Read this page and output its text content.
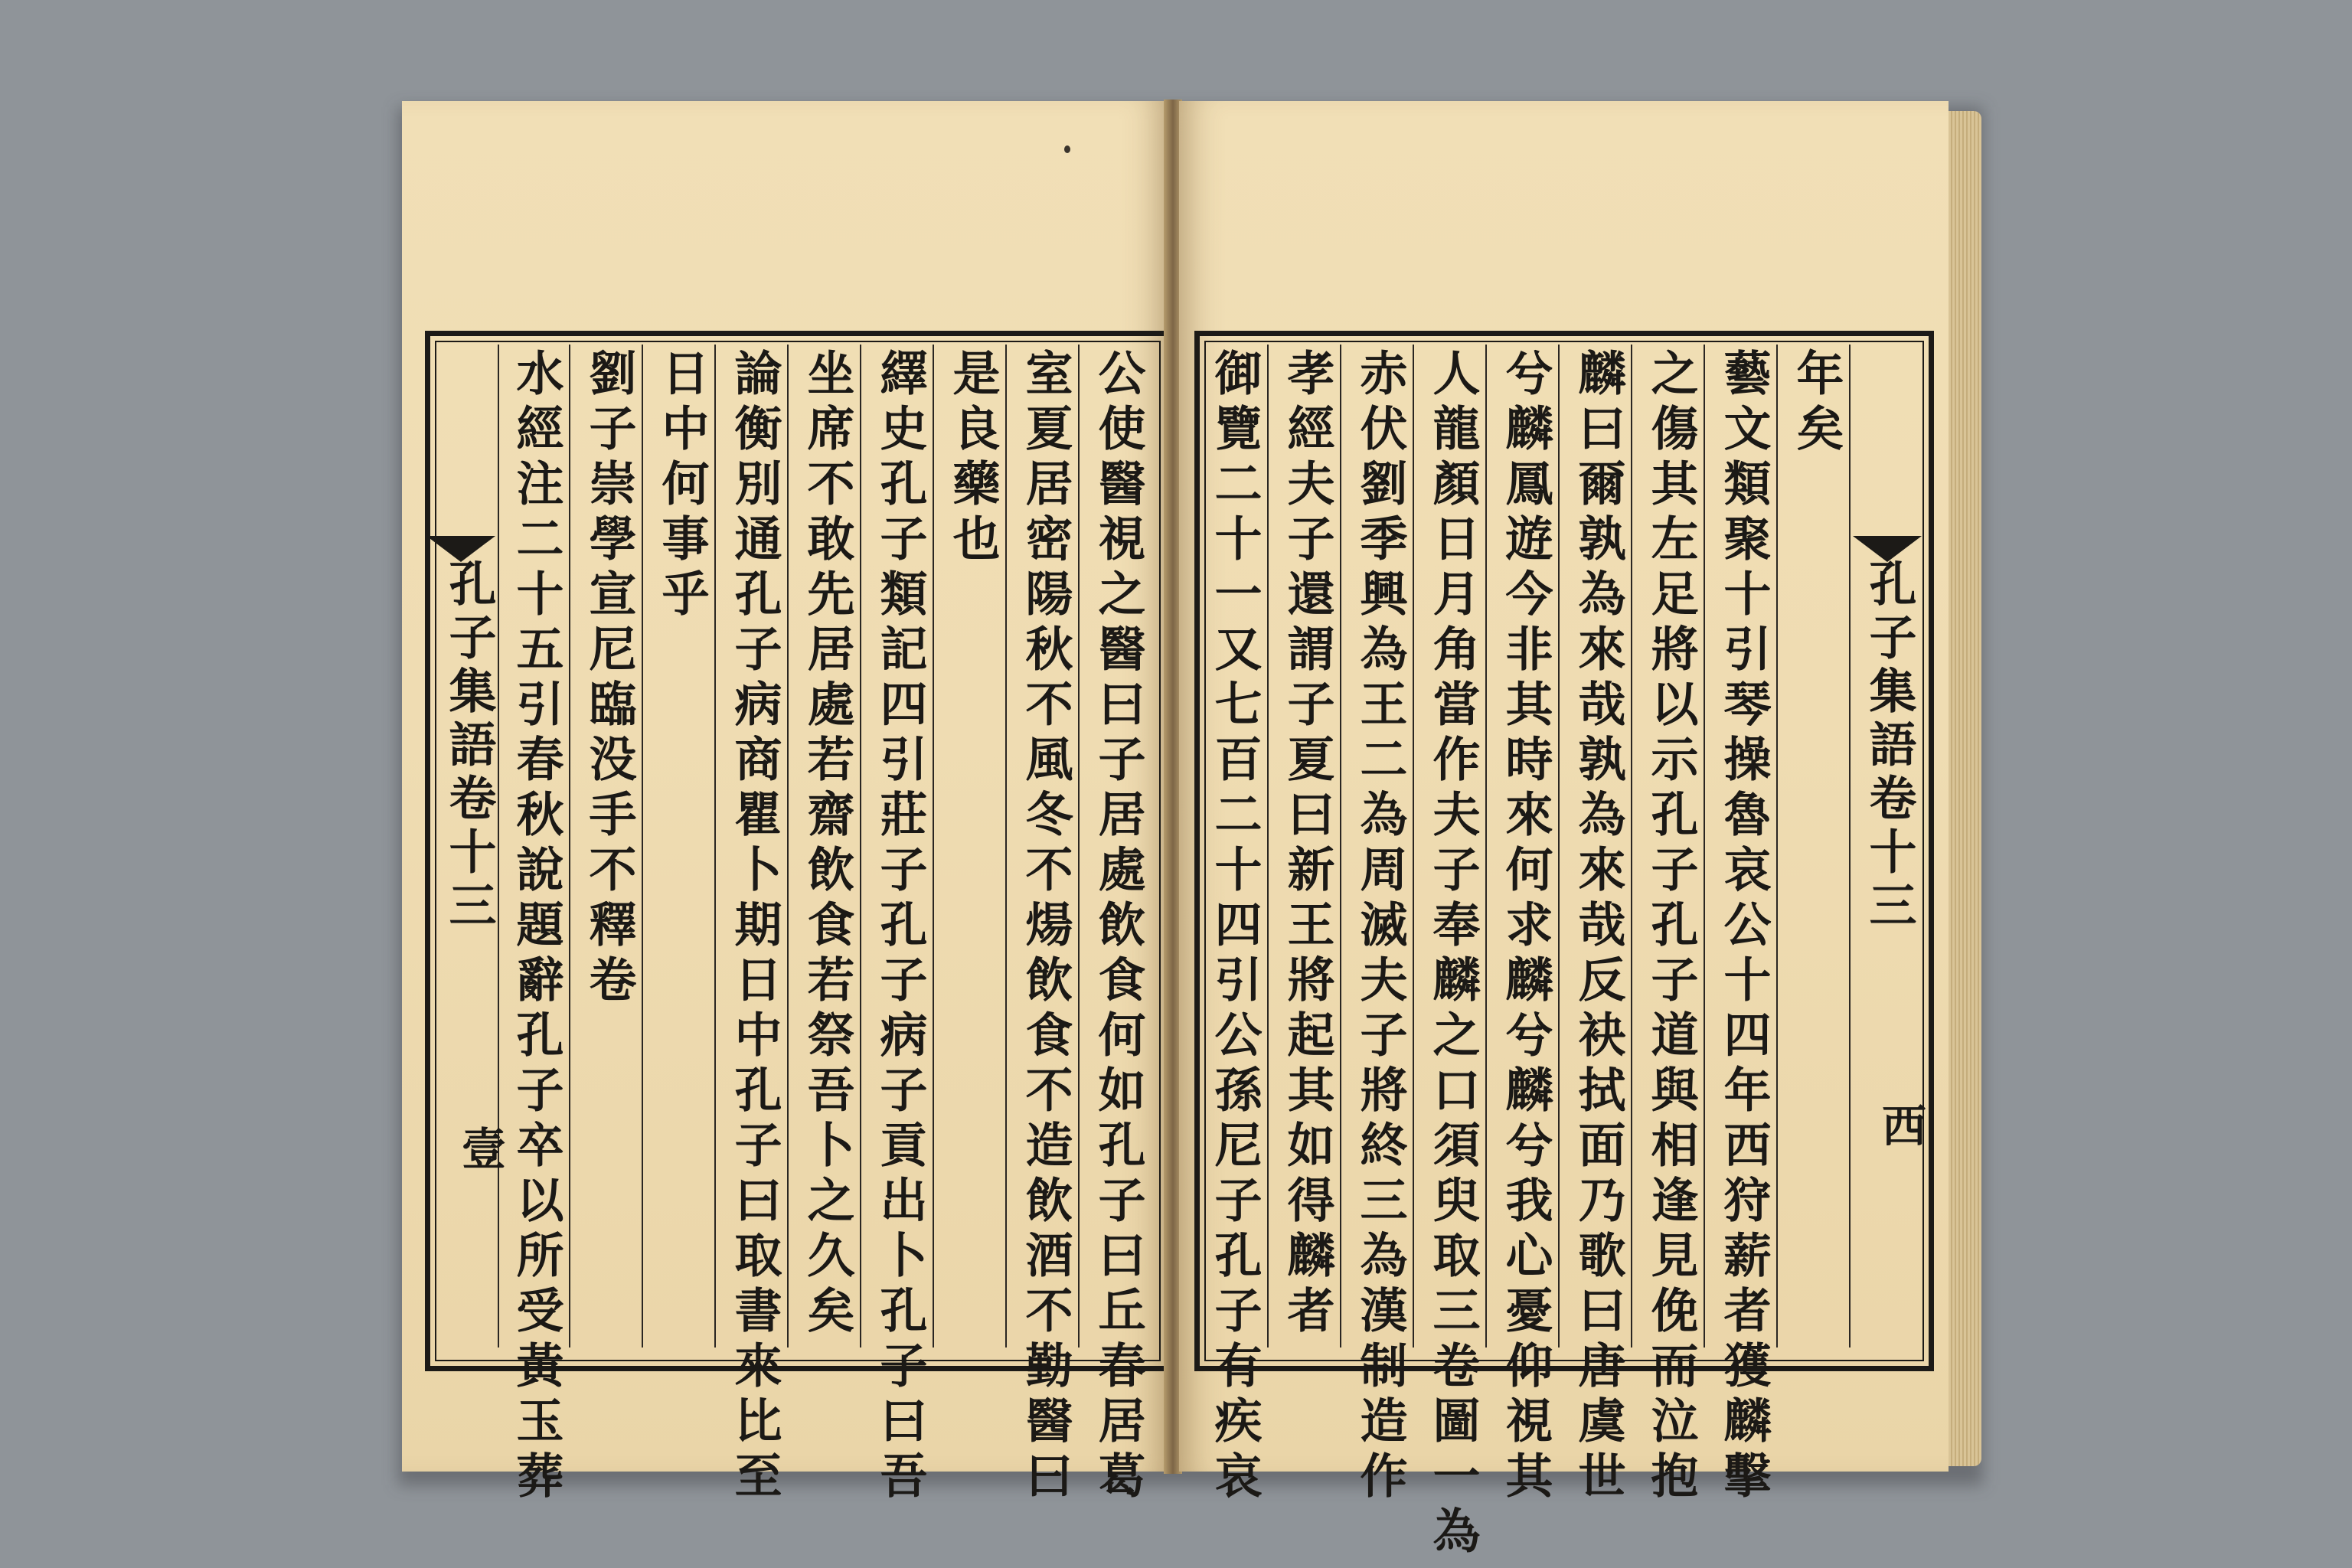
孔子集語卷十三
壹	公使醫視之醫曰子居處飲食何如孔子曰丘春居葛
室夏居密陽秋不風冬不煬飲食不造飲酒不勤醫曰
是良藥也
繹史孔子類記四引莊子孔子病子貢出卜孔子曰吾
坐席不敢先居處若齋飲食若祭吾卜之久矣
論衡別通孔子病商瞿卜期日中孔子曰取書來比至
日中何事乎
劉子崇學宣尼臨没手不釋卷
水經注二十五引春秋說題辭孔子卒以所受黃玉葬
　	年矣
藝文類聚十引琴操魯哀公十四年西狩薪者獲麟擊
之傷其左足將以示孔子孔子道與相逢見俛而泣抱
麟曰爾孰為來哉孰為來哉反袂拭面乃歌曰唐虞世
兮麟鳳遊今非其時來何求麟兮麟兮我心憂仰視其
人龍顏日月角當作夫子奉麟之口須臾取三卷圖一為
赤伏劉季興為王二為周滅夫子將終三為漢制造作
孝經夫子還謂子夏曰新王將起其如得麟者
御覽二十一又七百二十四引公孫尼子孔子有疾哀	孔子集語卷十三
西
